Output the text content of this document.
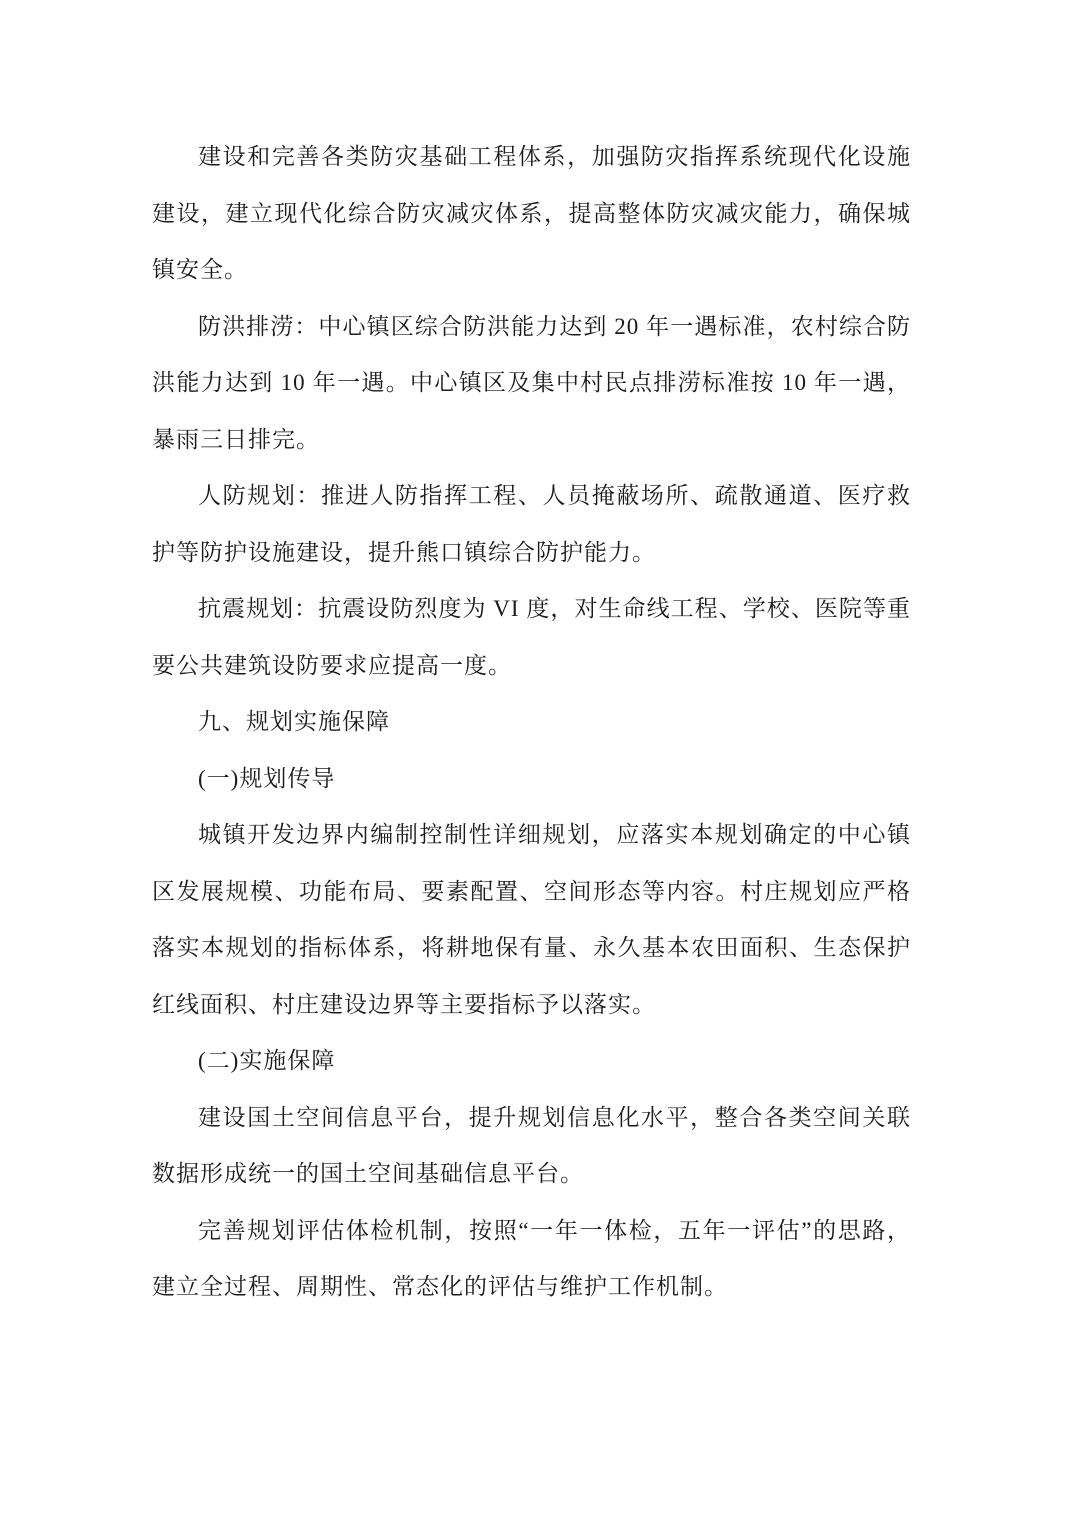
建设和完善各类防灾基础工程体系，加强防灾指挥系统现代化设施建设，建立现代化综合防灾减灾体系，提高整体防灾减灾能力，确保城镇安全。

防洪排涝：中心镇区综合防洪能力达到 20 年一遇标准，农村综合防洪能力达到 10 年一遇。中心镇区及集中村民点排涝标准按 10 年一遇，暴雨三日排完。

人防规划：推进人防指挥工程、人员掩蔽场所、疏散通道、医疗救护等防护设施建设，提升熊口镇综合防护能力。

抗震规划：抗震设防烈度为 VI 度，对生命线工程、学校、医院等重要公共建筑设防要求应提高一度。

九、规划实施保障

(一)规划传导

城镇开发边界内编制控制性详细规划，应落实本规划确定的中心镇区发展规模、功能布局、要素配置、空间形态等内容。村庄规划应严格落实本规划的指标体系，将耕地保有量、永久基本农田面积、生态保护红线面积、村庄建设边界等主要指标予以落实。

(二)实施保障

建设国土空间信息平台，提升规划信息化水平，整合各类空间关联数据形成统一的国土空间基础信息平台。

完善规划评估体检机制，按照“一年一体检，五年一评估”的思路，建立全过程、周期性、常态化的评估与维护工作机制。
